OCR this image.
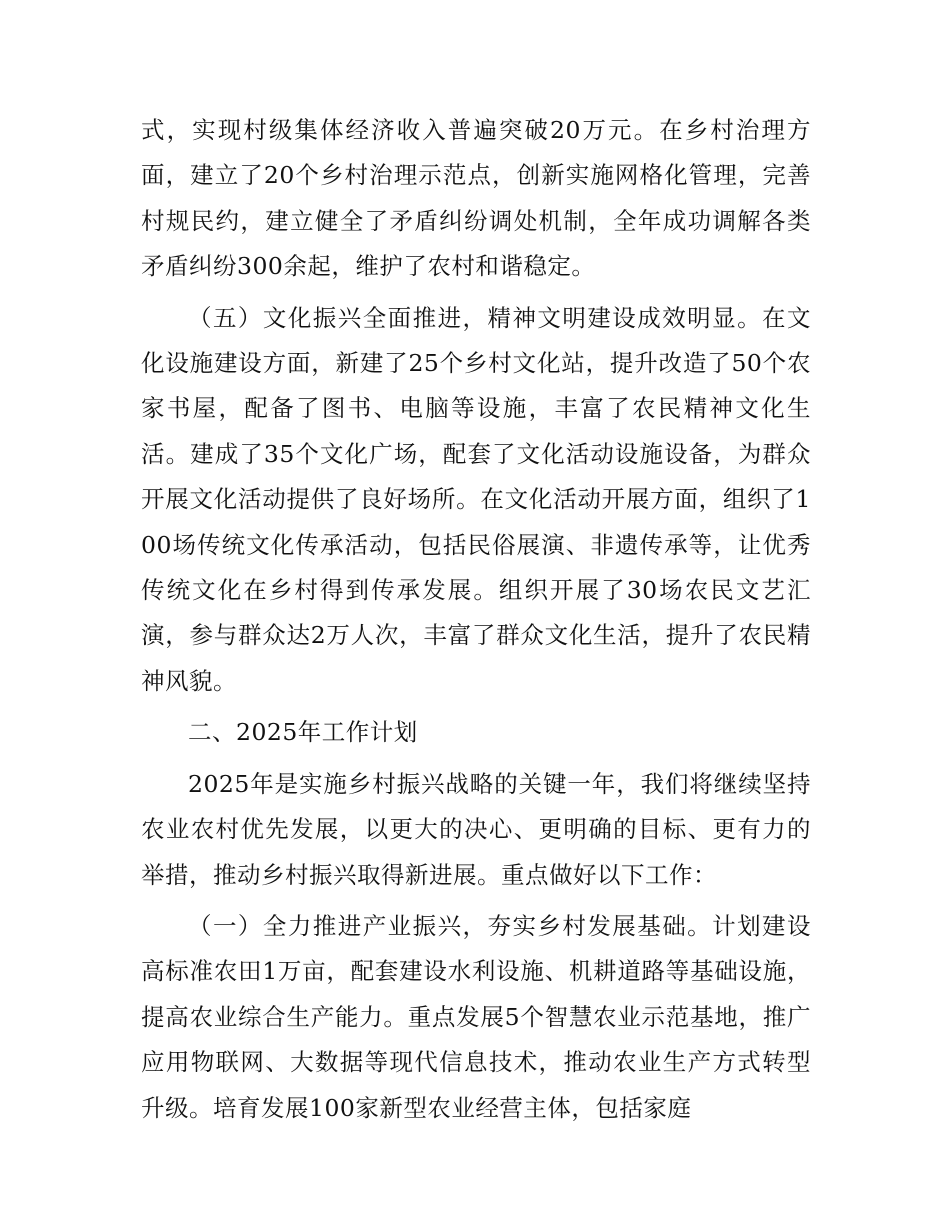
式，实现村级集体经济收入普遍突破20万元。在乡村治理方面，建立了20个乡村治理示范点，创新实施网格化管理，完善村规民约，建立健全了矛盾纠纷调处机制，全年成功调解各类矛盾纠纷300余起，维护了农村和谐稳定。

（五）文化振兴全面推进，精神文明建设成效明显。在文化设施建设方面，新建了25个乡村文化站，提升改造了50个农家书屋，配备了图书、电脑等设施，丰富了农民精神文化生活。建成了35个文化广场，配套了文化活动设施设备，为群众开展文化活动提供了良好场所。在文化活动开展方面，组织了100场传统文化传承活动，包括民俗展演、非遗传承等，让优秀传统文化在乡村得到传承发展。组织开展了30场农民文艺汇演，参与群众达2万人次，丰富了群众文化生活，提升了农民精神风貌。

二、2025年工作计划

2025年是实施乡村振兴战略的关键一年，我们将继续坚持农业农村优先发展，以更大的决心、更明确的目标、更有力的举措，推动乡村振兴取得新进展。重点做好以下工作：

（一）全力推进产业振兴，夯实乡村发展基础。计划建设高标准农田1万亩，配套建设水利设施、机耕道路等基础设施，提高农业综合生产能力。重点发展5个智慧农业示范基地，推广应用物联网、大数据等现代信息技术，推动农业生产方式转型升级。培育发展100家新型农业经营主体，包括家庭
